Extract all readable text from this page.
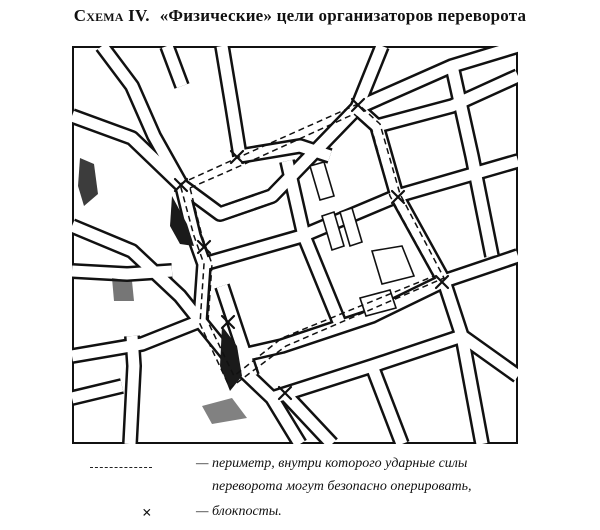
Схема IV. «Физические» цели организаторов переворота
— периметр, внутри которого ударные силы
переворота могут безопасно оперировать,
×	— блокпосты.
